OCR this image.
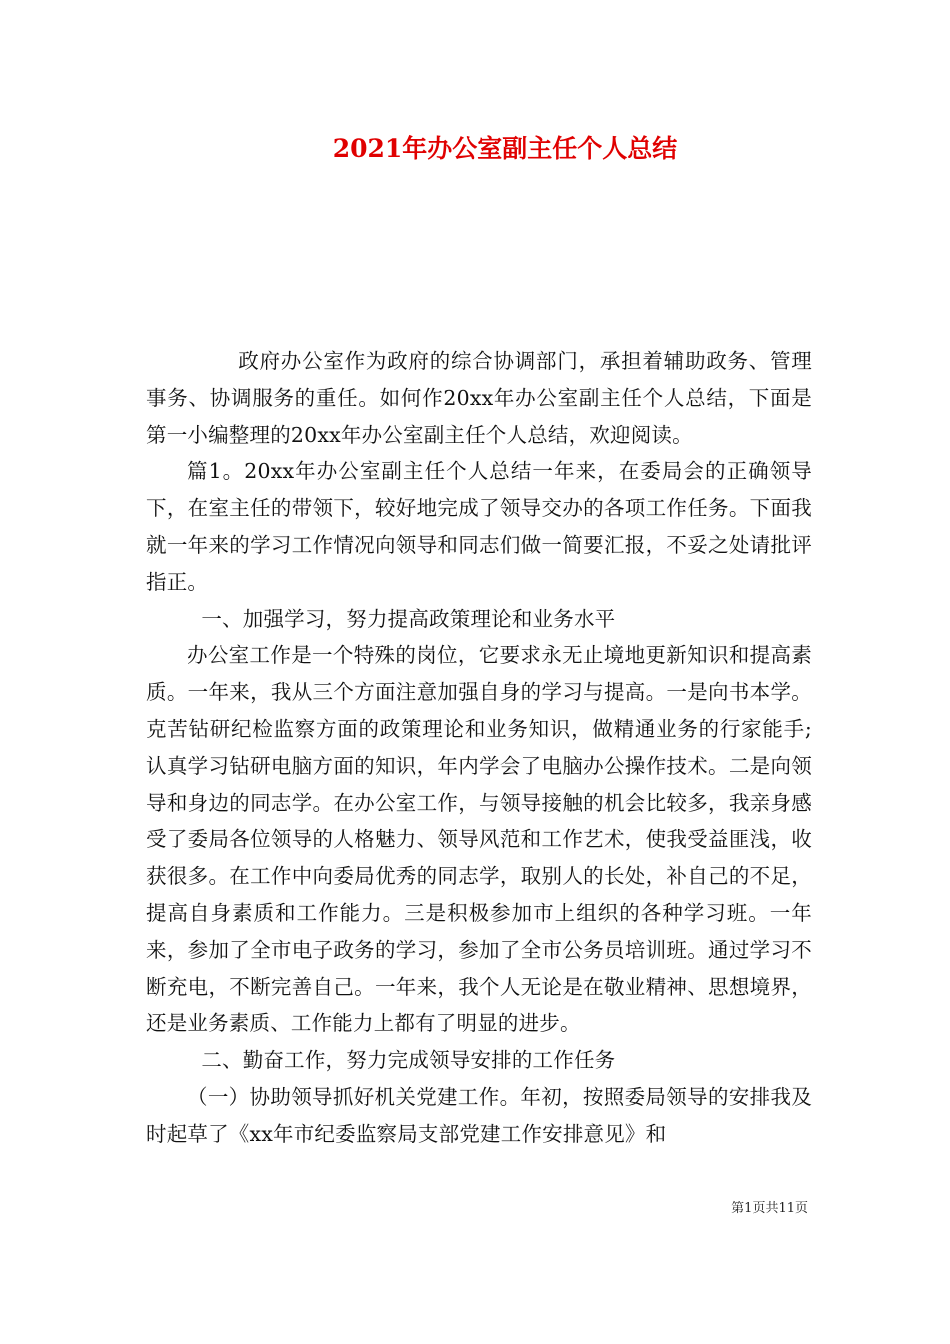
2021年办公室副主任个人总结

政府办公室作为政府的综合协调部门，承担着辅助政务、管理事务、协调服务的重任。如何作20xx年办公室副主任个人总结，下面是第一小编整理的20xx年办公室副主任个人总结，欢迎阅读。

篇1。20xx年办公室副主任个人总结一年来，在委局会的正确领导下，在室主任的带领下，较好地完成了领导交办的各项工作任务。下面我就一年来的学习工作情况向领导和同志们做一简要汇报，不妥之处请批评指正。

一、加强学习，努力提高政策理论和业务水平

办公室工作是一个特殊的岗位，它要求永无止境地更新知识和提高素质。一年来，我从三个方面注意加强自身的学习与提高。一是向书本学。克苦钻研纪检监察方面的政策理论和业务知识，做精通业务的行家能手;认真学习钻研电脑方面的知识，年内学会了电脑办公操作技术。二是向领导和身边的同志学。在办公室工作，与领导接触的机会比较多，我亲身感受了委局各位领导的人格魅力、领导风范和工作艺术，使我受益匪浅，收获很多。在工作中向委局优秀的同志学，取别人的长处，补自己的不足，提高自身素质和工作能力。三是积极参加市上组织的各种学习班。一年来，参加了全市电子政务的学习，参加了全市公务员培训班。通过学习不断充电，不断完善自己。一年来，我个人无论是在敬业精神、思想境界，还是业务素质、工作能力上都有了明显的进步。

二、勤奋工作，努力完成领导安排的工作任务

（一）协助领导抓好机关党建工作。年初，按照委局领导的安排我及时起草了《xx年市纪委监察局支部党建工作安排意见》和

第1页共11页
